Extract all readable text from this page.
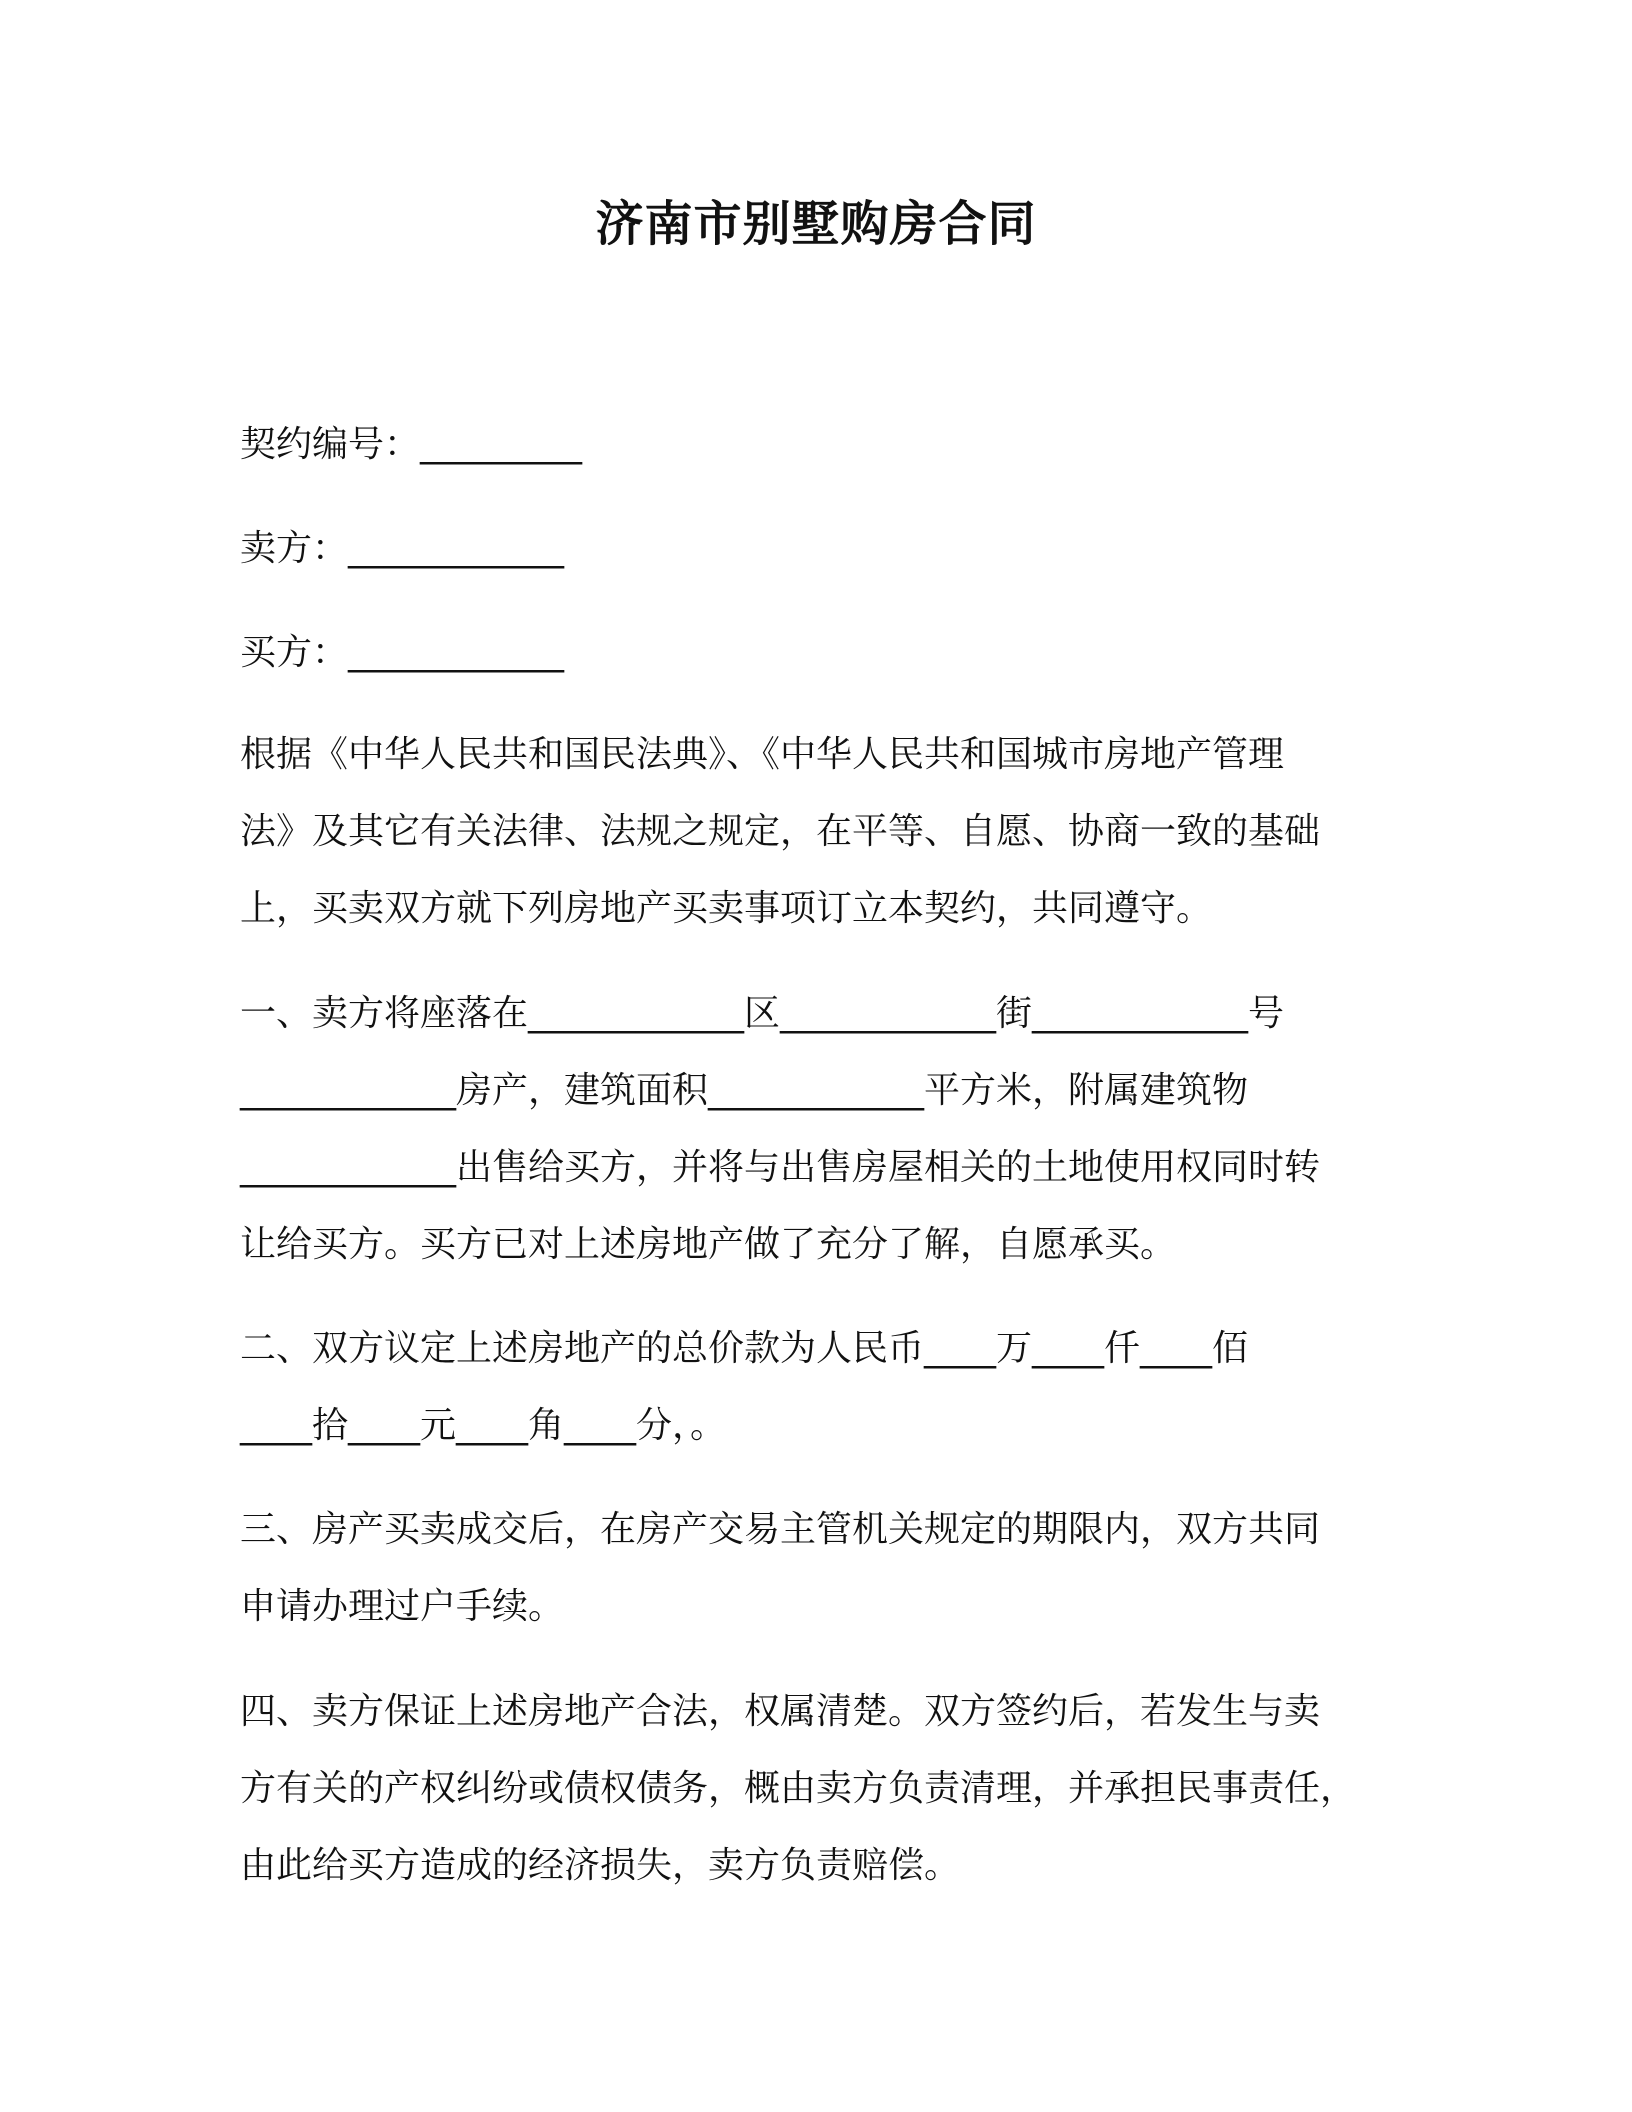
济南市别墅购房合同
契约编号：_________
卖方：____________
买方：____________
根据《中华人民共和国民法典》、《中华人民共和国城市房地产管理
法》及其它有关法律、法规之规定，在平等、自愿、协商一致的基础
上，买卖双方就下列房地产买卖事项订立本契约，共同遵守。
一、卖方将座落在____________区____________街____________号
____________房产，建筑面积____________平方米，附属建筑物
____________出售给买方，并将与出售房屋相关的土地使用权同时转
让给买方。买方已对上述房地产做了充分了解，自愿承买。
二、双方议定上述房地产的总价款为人民币____万____仟____佰
____拾____元____角____分，。
三、房产买卖成交后，在房产交易主管机关规定的期限内，双方共同
申请办理过户手续。
四、卖方保证上述房地产合法，权属清楚。双方签约后，若发生与卖
方有关的产权纠纷或债权债务，概由卖方负责清理，并承担民事责任，
由此给买方造成的经济损失，卖方负责赔偿。
